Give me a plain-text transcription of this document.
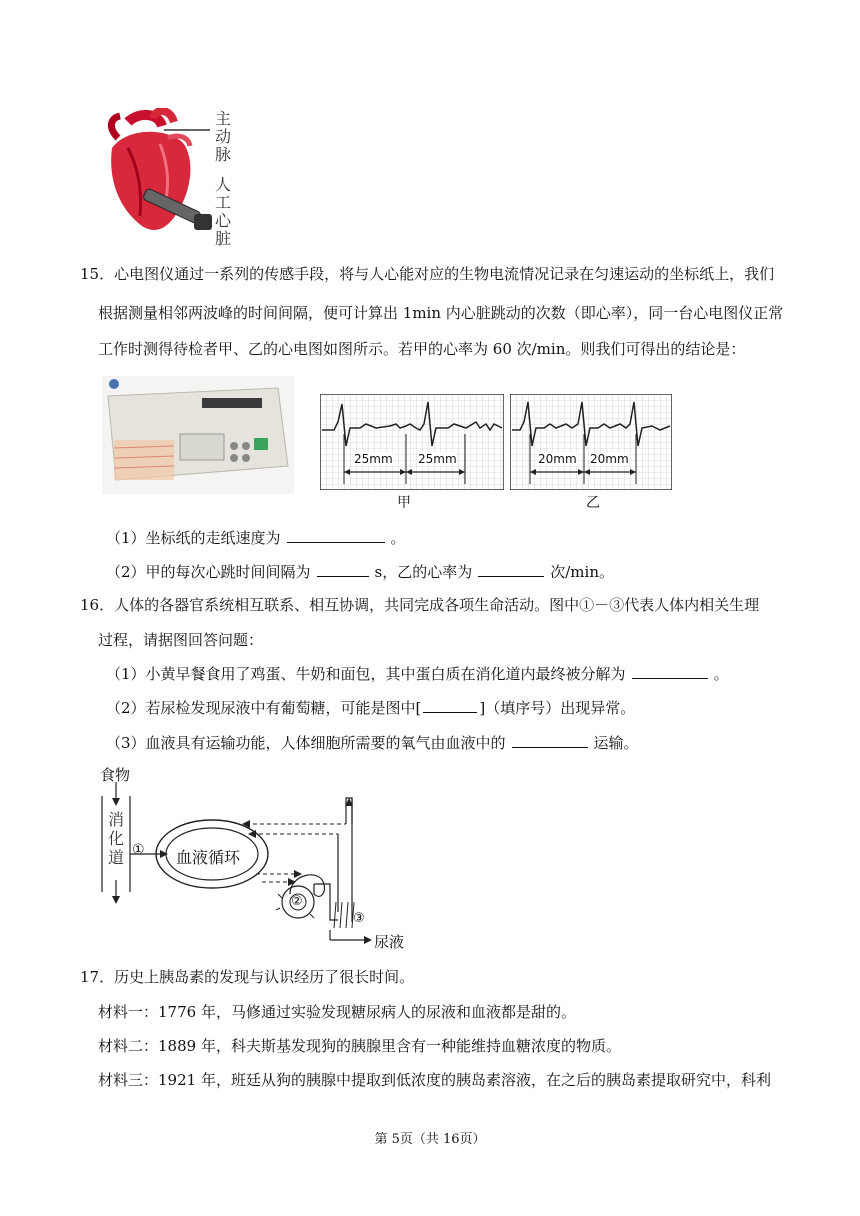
主
动
脉
人
工
心
脏
15．心电图仪通过一系列的传感手段，将与人心能对应的生物电流情况记录在匀速运动的坐标纸上，我们
根据测量相邻两波峰的时间间隔，便可计算出 1min 内心脏跳动的次数（即心率），同一台心电图仪正常
工作时测得待检者甲、乙的心电图如图所示。若甲的心率为 60 次/min。则我们可得出的结论是：
25mm 25mm
甲
20mm 20mm
乙
（1）坐标纸的走纸速度为	。
（2）甲的每次心跳时间间隔为	s，乙的心率为	次/min。
16．人体的各器官系统相互联系、相互协调，共同完成各项生命活动。图中①－③代表人体内相关生理
过程，请据图回答问题：
（1）小黄早餐食用了鸡蛋、牛奶和面包，其中蛋白质在消化道内最终被分解为	。
（2）若尿检发现尿液中有葡萄糖，可能是图中[	]（填序号）出现异常。
（3）血液具有运输功能，人体细胞所需要的氧气由血液中的	运输。
食物
消
化
道 ① 血液循环
②
③
尿液
17．历史上胰岛素的发现与认识经历了很长时间。
材料一：1776 年，马修通过实验发现糖尿病人的尿液和血液都是甜的。
材料二：1889 年，科夫斯基发现狗的胰腺里含有一种能维持血糖浓度的物质。
材料三：1921 年，班廷从狗的胰腺中提取到低浓度的胰岛素溶液，在之后的胰岛素提取研究中，科利
第 5页（共 16页）
